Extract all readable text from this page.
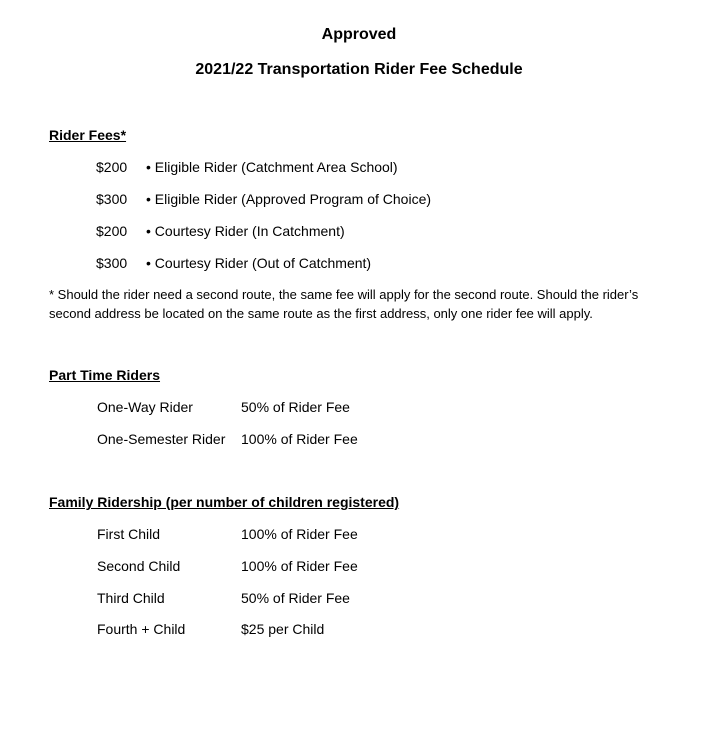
Approved
2021/22 Transportation Rider Fee Schedule
Rider Fees*
$200 • Eligible Rider (Catchment Area School)
$300 • Eligible Rider (Approved Program of Choice)
$200 • Courtesy Rider (In Catchment)
$300 • Courtesy Rider (Out of Catchment)
* Should the rider need a second route, the same fee will apply for the second route. Should the rider’s second address be located on the same route as the first address, only one rider fee will apply.
Part Time Riders
One-Way Rider	50% of Rider Fee
One-Semester Rider 100% of Rider Fee
Family Ridership (per number of children registered)
First Child	100% of Rider Fee
Second Child	100% of Rider Fee
Third Child	50% of Rider Fee
Fourth + Child	$25 per Child
